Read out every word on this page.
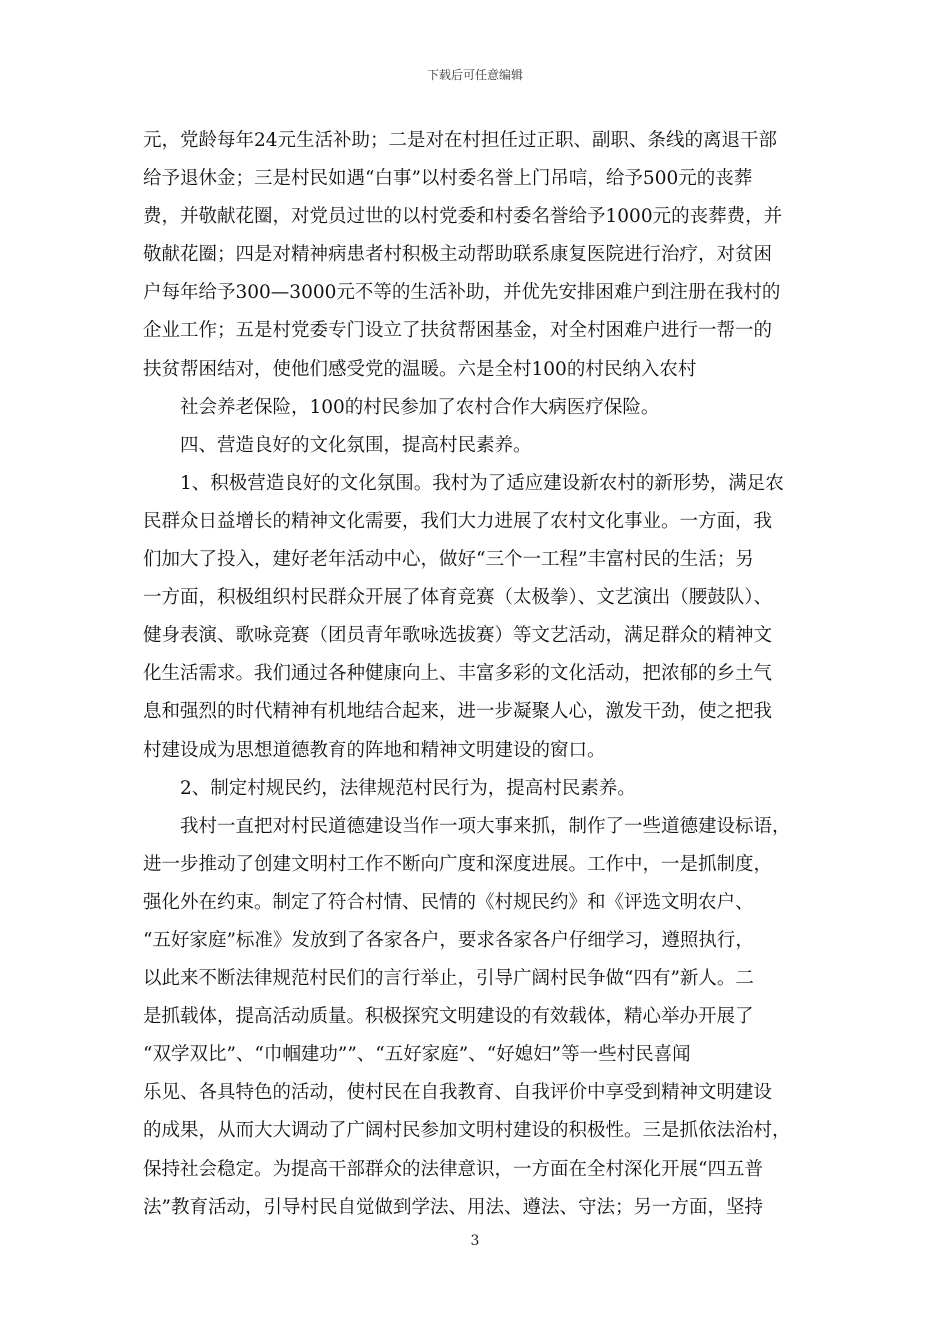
下载后可任意编辑
元，党龄每年24元生活补助；二是对在村担任过正职、副职、条线的离退干部
给予退休金；三是村民如遇“白事”以村委名誉上门吊唁，给予500元的丧葬
费，并敬献花圈，对党员过世的以村党委和村委名誉给予1000元的丧葬费，并
敬献花圈；四是对精神病患者村积极主动帮助联系康复医院进行治疗，对贫困
户每年给予300—3000元不等的生活补助，并优先安排困难户到注册在我村的
企业工作；五是村党委专门设立了扶贫帮困基金，对全村困难户进行一帮一的
扶贫帮困结对，使他们感受党的温暖。六是全村100的村民纳入农村
社会养老保险，100的村民参加了农村合作大病医疗保险。
四、营造良好的文化氛围，提高村民素养。
1、积极营造良好的文化氛围。我村为了适应建设新农村的新形势，满足农
民群众日益增长的精神文化需要，我们大力进展了农村文化事业。一方面，我
们加大了投入，建好老年活动中心，做好“三个一工程”丰富村民的生活；另
一方面，积极组织村民群众开展了体育竞赛（太极拳）、文艺演出（腰鼓队）、
健身表演、歌咏竞赛（团员青年歌咏选拔赛）等文艺活动，满足群众的精神文
化生活需求。我们通过各种健康向上、丰富多彩的文化活动，把浓郁的乡土气
息和强烈的时代精神有机地结合起来，进一步凝聚人心，激发干劲，使之把我
村建设成为思想道德教育的阵地和精神文明建设的窗口。
2、制定村规民约，法律规范村民行为，提高村民素养。
我村一直把对村民道德建设当作一项大事来抓，制作了一些道德建设标语，
进一步推动了创建文明村工作不断向广度和深度进展。工作中，一是抓制度，
强化外在约束。制定了符合村情、民情的《村规民约》和《评选文明农户、
“五好家庭”标准》发放到了各家各户，要求各家各户仔细学习，遵照执行，
以此来不断法律规范村民们的言行举止，引导广阔村民争做“四有”新人。二
是抓载体，提高活动质量。积极探究文明建设的有效载体，精心举办开展了
“双学双比”、“巾帼建功””、“五好家庭”、“好媳妇”等一些村民喜闻
乐见、各具特色的活动，使村民在自我教育、自我评价中享受到精神文明建设
的成果，从而大大调动了广阔村民参加文明村建设的积极性。三是抓依法治村，
保持社会稳定。为提高干部群众的法律意识，一方面在全村深化开展“四五普
法”教育活动，引导村民自觉做到学法、用法、遵法、守法；另一方面，坚持
3
